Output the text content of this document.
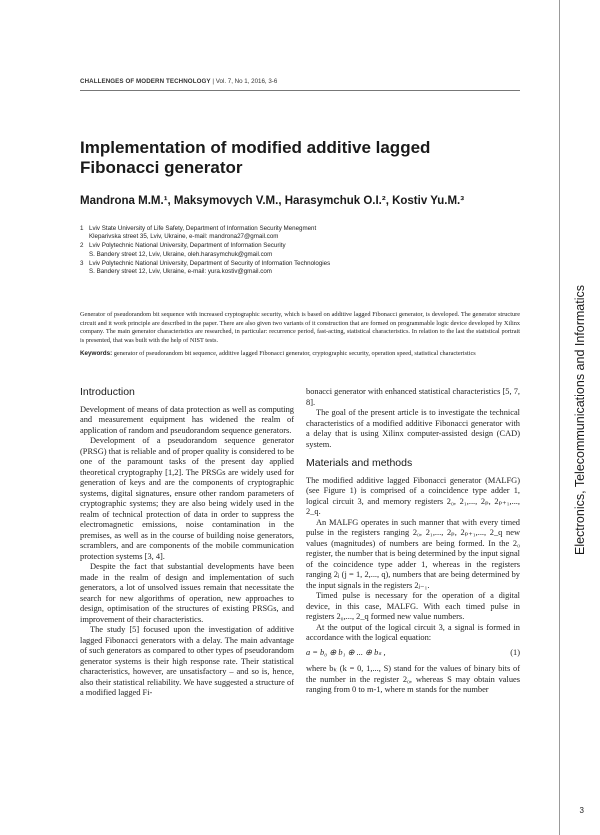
CHALLENGES OF MODERN TECHNOLOGY | Vol. 7, No 1, 2016, 3-6
Implementation of modified additive lagged Fibonacci generator
Mandrona M.M.¹, Maksymovych V.M., Harasymchuk O.I.², Kostiv Yu.M.³
1 Lviv State University of Life Safety, Department of Information Security Menegment
Kleparivska street 35, Lviv, Ukraine, e-mail: mandrona27@gmail.com
2 Lviv Polytechnic National University, Department of Information Security
S. Bandery street 12, Lviv, Ukraine, oleh.harasymchuk@gmail.com
3 Lviv Polytechnic National University, Department of Security of Information Technologies
S. Bandery street 12, Lviv, Ukraine, e-mail: yura.kostiv@gmail.com
Generator of pseudorandom bit sequence with increased cryptographic security, which is based on additive lagged Fibonacci generator, is developed. The generator structure circuit and it work principle are described in the paper. There are also given two variants of it construction that are formed on programmable logic device developed by Xilinx company. The main generator characteristics are researched, in particular: recurrence period, fast-acting, statistical characteristics. In relation to the last the statistical portrait is presented, that was built with the help of NIST tests.
Keywords: generator of pseudorandom bit sequence, additive lagged Fibonacci generator, cryptographic security, operation speed, statistical characteristics
Introduction

Development of means of data protection as well as computing and measurement equipment has widened the realm of application of random and pseudorandom sequence generators.

Development of a pseudorandom sequence generator (PRSG) that is reliable and of proper quality is considered to be one of the paramount tasks of the present day applied theoretical cryptography [1,2]. The PRSGs are widely used for generation of keys and are the components of cryptographic systems, digital signatures, ensure other random parameters of cryptographic systems; they are also being widely used in the realm of technical protection of data in order to suppress the electromagnetic emissions, noise contamination in the premises, as well as in the course of building noise generators, scramblers, and are components of the mobile communication protection systems [3, 4].

Despite the fact that substantial developments have been made in the realm of design and implementation of such generators, a lot of unsolved issues remain that necessitate the search for new algorithms of operation, new approaches to design, optimisation of the structures of existing PRSGs, and improvement of their characteristics.

The study [5] focused upon the investigation of additive lagged Fibonacci generators with a delay. The main advantage of such generators as compared to other types of pseudorandom generator systems is their high response rate. Their statistical characteristics, however, are unsatisfactory – and so is, hence, also their statistical reliability. We have suggested a structure of a modified lagged Fi-

bonacci generator with enhanced statistical characteristics [5, 7, 8].

The goal of the present article is to investigate the technical characteristics of a modified additive Fibonacci generator with a delay that is using Xilinx computer-assisted design (CAD) system.

Materials and methods

The modified additive lagged Fibonacci generator (MALFG) (see Figure 1) is comprised of a coincidence type adder 1, logical circuit 3, and memory registers 2₀, 2₁,..., 2ₚ, 2ₚ₊₁,..., 2_q.

An MALFG operates in such manner that with every timed pulse in the registers ranging 2₀, 2₁,..., 2ₚ, 2ₚ₊₁,..., 2_q new values (magnitudes) of numbers are being formed. In the 2₀ register, the number that is being determined by the input signal of the coincidence type adder 1, whereas in the registers ranging 2ⱼ (j = 1, 2,..., q), numbers that are being determined by the input signals in the registers 2ⱼ₋₁.

Timed pulse is necessary for the operation of a digital device, in this case, MALFG. With each timed pulse in registers 2₀,..., 2_q formed new value numbers.

At the output of the logical circuit 3, a signal is formed in accordance with the logical equation:

a = b₀ ⊕ b₁ ⊕ ... ⊕ bₛ ,	(1)

where bₖ (k = 0, 1,..., S) stand for the values of binary bits of the number in the register 2₀, whereas S may obtain values ranging from 0 to m-1, where m stands for the number

Electronics, Telecommunications and Informatics
3
